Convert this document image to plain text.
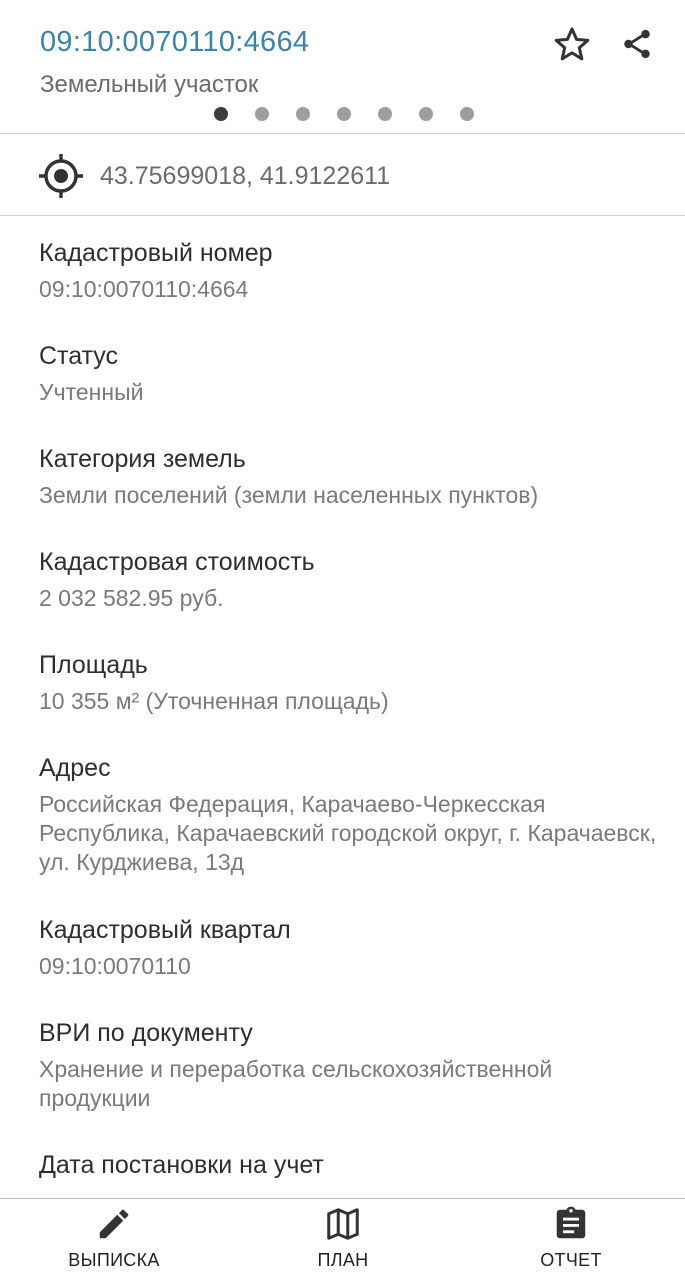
09:10:0070110:4664
Земельный участок
43.75699018, 41.9122611
Кадастровый номер
09:10:0070110:4664
Статус
Учтенный
Категория земель
Земли поселений (земли населенных пунктов)
Кадастровая стоимость
2 032 582.95 руб.
Площадь
10 355 м² (Уточненная площадь)
Адрес
Российская Федерация, Карачаево-Черкесская Республика, Карачаевский городской округ, г. Карачаевск, ул. Курджиева, 13д
Кадастровый квартал
09:10:0070110
ВРИ по документу
Хранение и переработка сельскохозяйственной продукции
Дата постановки на учет
ВЫПИСКА	ПЛАН	ОТЧЕТ
